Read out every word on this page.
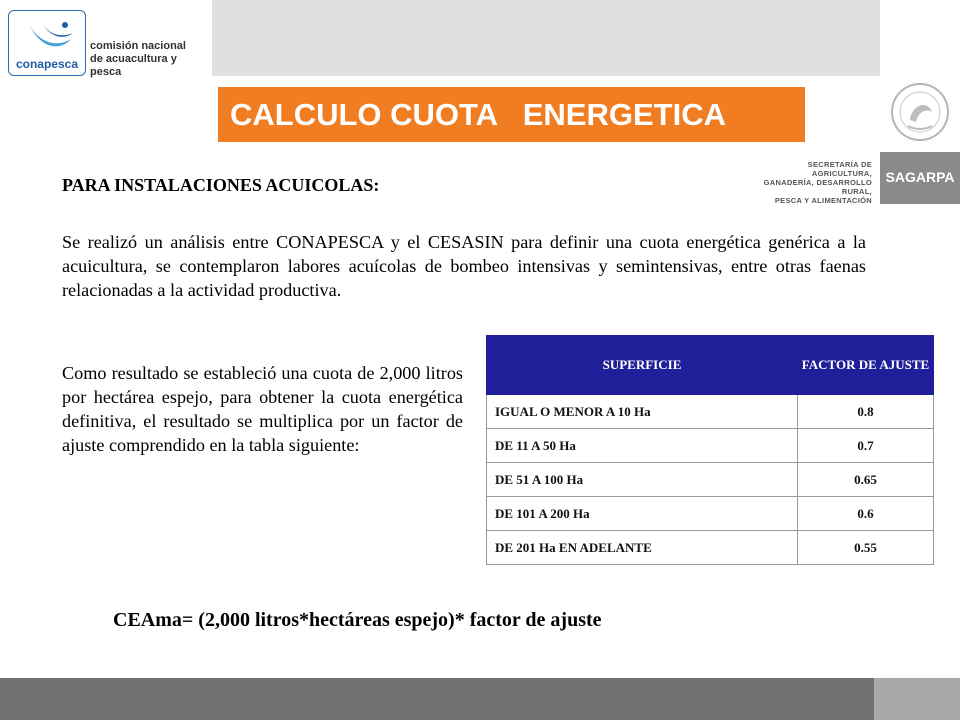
conapesca
comisión nacional
de acuacultura y pesca
SECRETARÍA DE AGRICULTURA,
GANADERÍA, DESARROLLO RURAL,
PESCA Y ALIMENTACIÓN
SAGARPA
CALCULO CUOTA   ENERGETICA
PARA INSTALACIONES ACUICOLAS:
Se realizó un análisis entre CONAPESCA y el CESASIN para definir una cuota energética genérica a la acuicultura, se contemplaron labores acuícolas de bombeo intensivas y semintensivas, entre otras faenas relacionadas a la actividad productiva.
Como resultado se estableció una cuota de 2,000 litros por hectárea espejo, para obtener la cuota energética definitiva, el resultado se multiplica por un factor de ajuste comprendido en la tabla siguiente:
SUPERFICIE	FACTOR DE AJUSTE
IGUAL O MENOR A 10 Ha	0.8
DE 11 A 50 Ha	0.7
DE 51 A 100 Ha	0.65
DE 101 A 200 Ha	0.6
DE 201 Ha EN ADELANTE	0.55
CEAma= (2,000 litros*hectáreas espejo)* factor de ajuste
